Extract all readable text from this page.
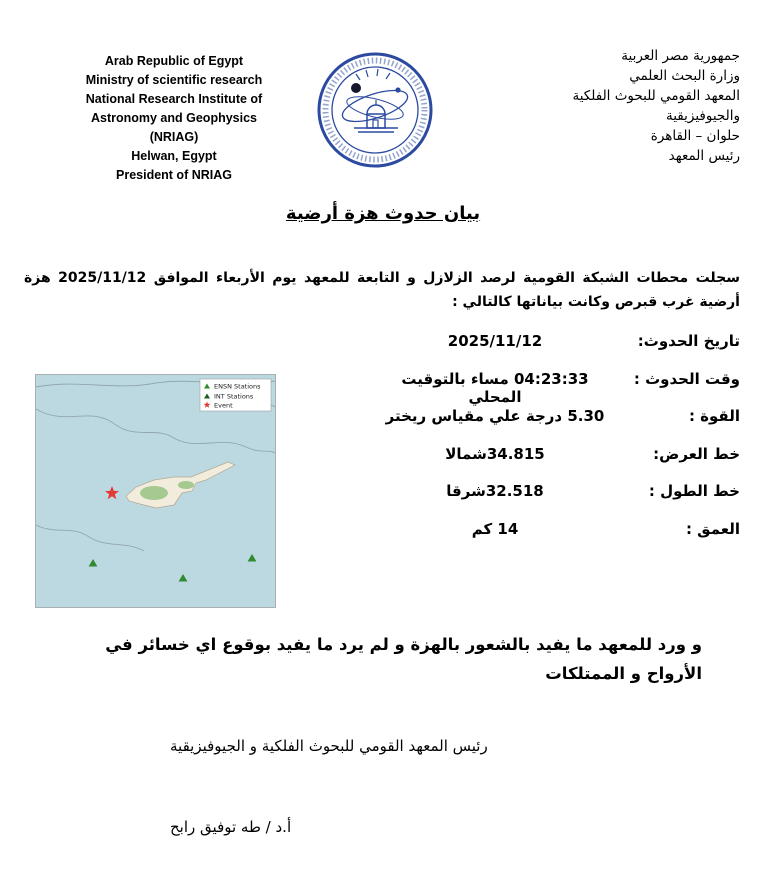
Arab Republic of Egypt
Ministry of scientific research
National Research Institute of
Astronomy and Geophysics
(NRIAG)
Helwan, Egypt
President of NRIAG
جمهورية مصر العربية
وزارة البحث العلمي
المعهد القومي للبحوث الفلكية
والجيوفيزيقية
حلوان – القاهرة
رئيس المعهد
بيان حدوث هزة أرضية

سجلت محطات الشبكة القومية لرصد الزلازل و التابعة للمعهد يوم الأربعاء الموافق 2025/11/12 هزة أرضية غرب قبرص وكانت بياناتها كالتالي :

تاريخ الحدوث:
2025/11/12
وقت الحدوث :
04:23:33 مساء بالتوقيت المحلي
القوة :
5.30 درجة علي مقياس ريختر
خط العرض:
34.815شمالا
خط الطول :
32.518شرقا
العمق :
14 كم
ENSN Stations
INT Stations
Event

و ورد للمعهد ما يفيد بالشعور بالهزة و لم يرد ما يفيد بوقوع اي خسائر في الأرواح و الممتلكات

رئيس المعهد القومي للبحوث الفلكية و الجيوفيزيقية

أ.د / طه توفيق رابح
